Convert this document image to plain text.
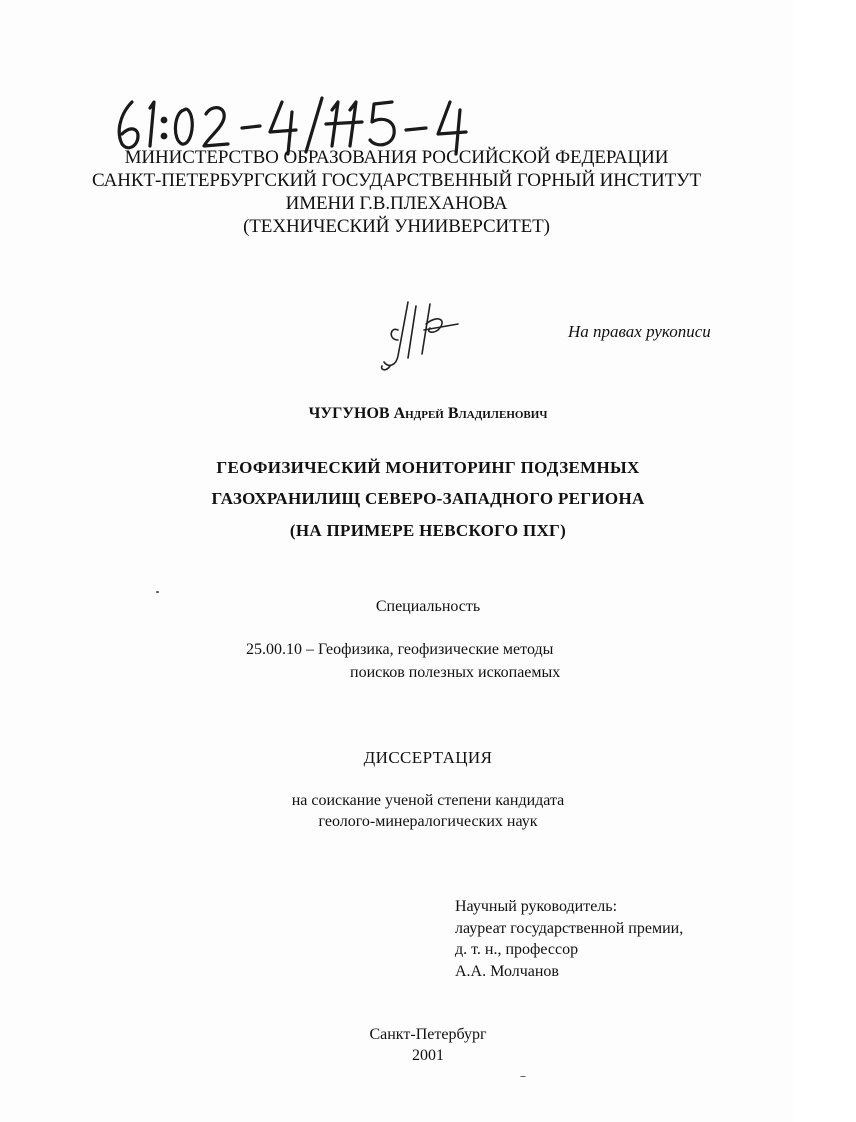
61:02-4/115-4
МИНИСТЕРСТВО ОБРАЗОВАНИЯ РОССИЙСКОЙ ФЕДЕРАЦИИ
САНКТ-ПЕТЕРБУРГСКИЙ ГОСУДАРСТВЕННЫЙ ГОРНЫЙ ИНСТИТУТ
ИМЕНИ Г.В.ПЛЕХАНОВА
(ТЕХНИЧЕСКИЙ УНИИВЕРСИТЕТ)
На правах рукописи
ЧУГУНОВ Андрей Владиленович
ГЕОФИЗИЧЕСКИЙ МОНИТОРИНГ ПОДЗЕМНЫХ
ГАЗОХРАНИЛИЩ СЕВЕРО-ЗАПАДНОГО РЕГИОНА
(НА ПРИМЕРЕ НЕВСКОГО ПХГ)
Специальность
25.00.10 – Геофизика, геофизические методы
поисков полезных ископаемых
ДИССЕРТАЦИЯ
на соискание ученой степени кандидата
геолого-минералогических наук
Научный руководитель:
лауреат государственной премии,
д. т. н., профессор
А.А. Молчанов
Санкт-Петербург
2001
